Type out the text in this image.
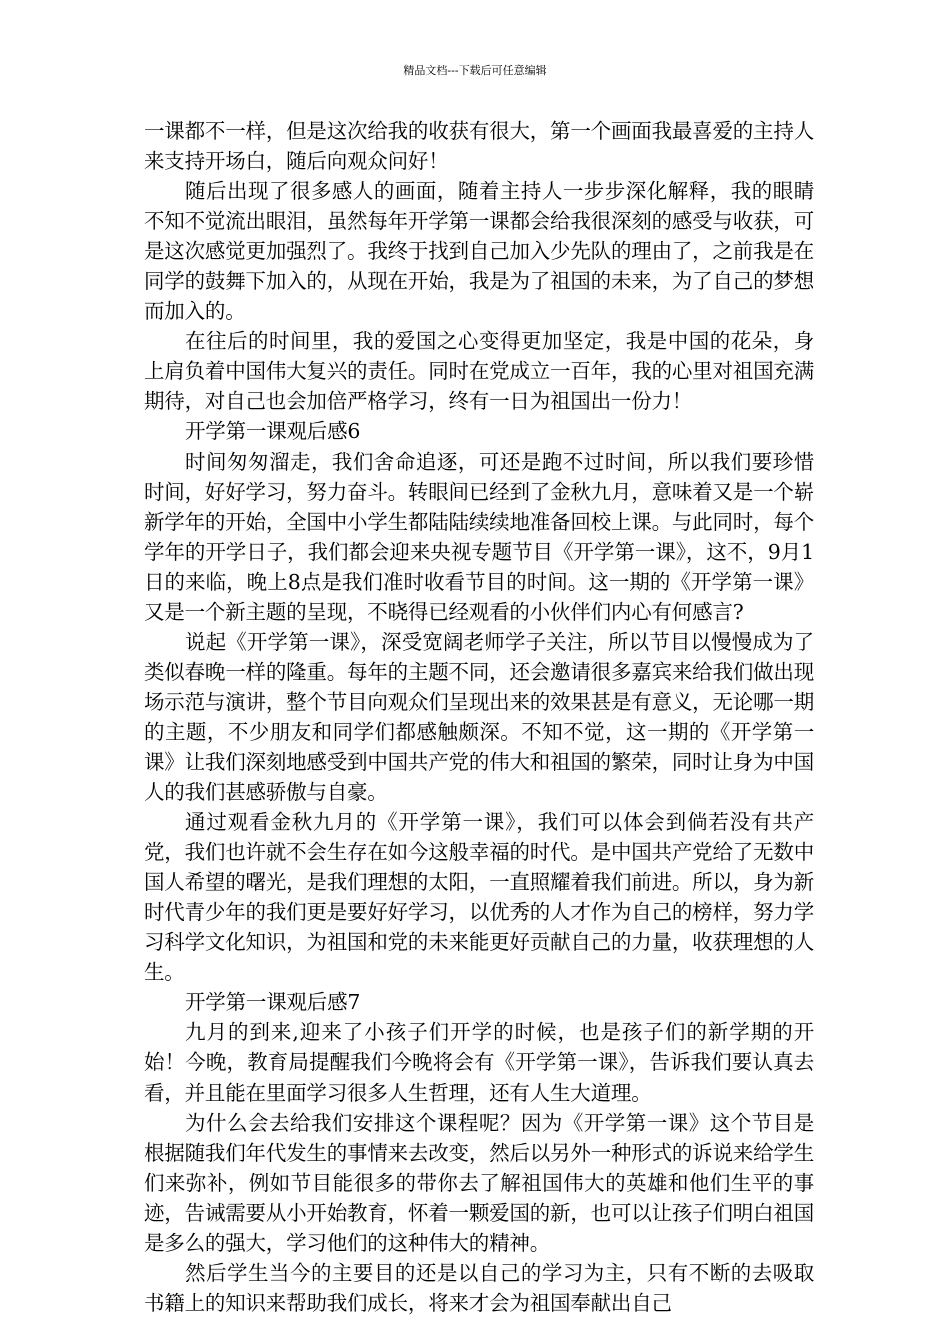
精品文档---下载后可任意编辑

一课都不一样，但是这次给我的收获有很大，第一个画面我最喜爱的主持人来支持开场白，随后向观众问好！

随后出现了很多感人的画面，随着主持人一步步深化解释，我的眼睛不知不觉流出眼泪，虽然每年开学第一课都会给我很深刻的感受与收获，可是这次感觉更加强烈了。我终于找到自己加入少先队的理由了，之前我是在同学的鼓舞下加入的，从现在开始，我是为了祖国的未来，为了自己的梦想而加入的。

在往后的时间里，我的爱国之心变得更加坚定，我是中国的花朵，身上肩负着中国伟大复兴的责任。同时在党成立一百年，我的心里对祖国充满期待，对自己也会加倍严格学习，终有一日为祖国出一份力！

开学第一课观后感6

时间匆匆溜走，我们舍命追逐，可还是跑不过时间，所以我们要珍惜时间，好好学习，努力奋斗。转眼间已经到了金秋九月，意味着又是一个崭新学年的开始，全国中小学生都陆陆续续地准备回校上课。与此同时，每个学年的开学日子，我们都会迎来央视专题节目《开学第一课》，这不，9月1日的来临，晚上8点是我们准时收看节目的时间。这一期的《开学第一课》又是一个新主题的呈现，不晓得已经观看的小伙伴们内心有何感言?

说起《开学第一课》，深受宽阔老师学子关注，所以节目以慢慢成为了类似春晚一样的隆重。每年的主题不同，还会邀请很多嘉宾来给我们做出现场示范与演讲，整个节目向观众们呈现出来的效果甚是有意义，无论哪一期的主题，不少朋友和同学们都感触颇深。不知不觉，这一期的《开学第一课》让我们深刻地感受到中国共产党的伟大和祖国的繁荣，同时让身为中国人的我们甚感骄傲与自豪。

通过观看金秋九月的《开学第一课》，我们可以体会到倘若没有共产党，我们也许就不会生存在如今这般幸福的时代。是中国共产党给了无数中国人希望的曙光，是我们理想的太阳，一直照耀着我们前进。所以，身为新时代青少年的我们更是要好好学习，以优秀的人才作为自己的榜样，努力学习科学文化知识，为祖国和党的未来能更好贡献自己的力量，收获理想的人生。

开学第一课观后感7

九月的到来,迎来了小孩子们开学的时候，也是孩子们的新学期的开始！今晚，教育局提醒我们今晚将会有《开学第一课》，告诉我们要认真去看，并且能在里面学习很多人生哲理，还有人生大道理。

为什么会去给我们安排这个课程呢？因为《开学第一课》这个节目是根据随我们年代发生的事情来去改变，然后以另外一种形式的诉说来给学生们来弥补，例如节目能很多的带你去了解祖国伟大的英雄和他们生平的事迹，告诫需要从小开始教育，怀着一颗爱国的新，也可以让孩子们明白祖国是多么的强大，学习他们的这种伟大的精神。

然后学生当今的主要目的还是以自己的学习为主，只有不断的去吸取书籍上的知识来帮助我们成长，将来才会为祖国奉献出自己
